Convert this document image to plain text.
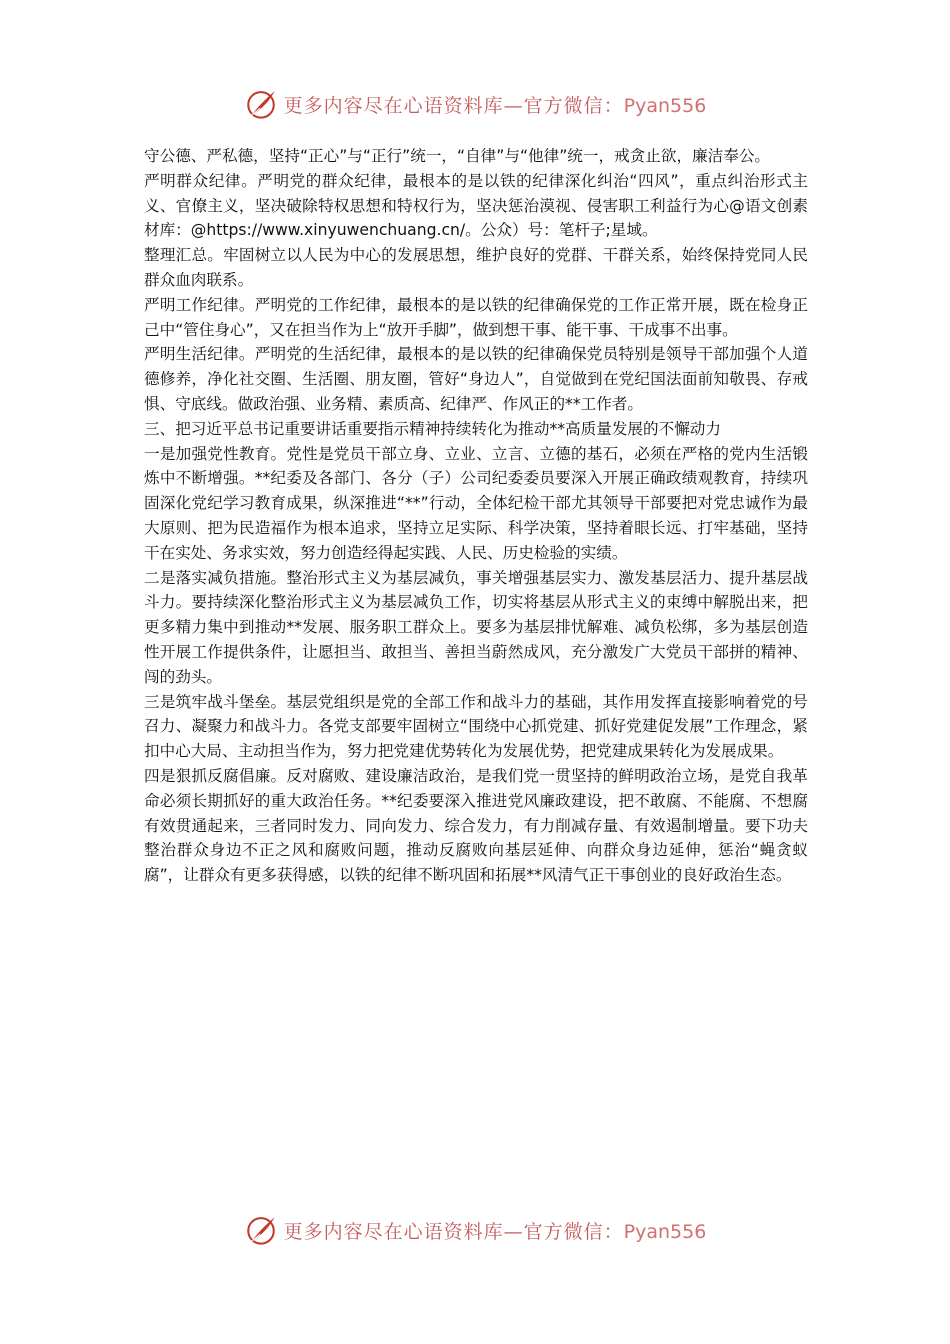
更多内容尽在心语资料库—官方微信：Pyan556

守公德、严私德，坚持“正心”与“正行”统一，“自律”与“他律”统一，戒贪止欲，廉洁奉公。

严明群众纪律。严明党的群众纪律，最根本的是以铁的纪律深化纠治“四风”，重点纠治形式主义、官僚主义，坚决破除特权思想和特权行为，坚决惩治漠视、侵害职工利益行为心@语文创素材库：@https://www.xinyuwenchuang.cn/。公众）号：笔杆子;星域。

整理汇总。牢固树立以人民为中心的发展思想，维护良好的党群、干群关系，始终保持党同人民群众血肉联系。

严明工作纪律。严明党的工作纪律，最根本的是以铁的纪律确保党的工作正常开展，既在检身正己中“管住身心”，又在担当作为上“放开手脚”，做到想干事、能干事、干成事不出事。

严明生活纪律。严明党的生活纪律，最根本的是以铁的纪律确保党员特别是领导干部加强个人道德修养，净化社交圈、生活圈、朋友圈，管好“身边人”，自觉做到在党纪国法面前知敬畏、存戒惧、守底线。做政治强、业务精、素质高、纪律严、作风正的**工作者。

三、把习近平总书记重要讲话重要指示精神持续转化为推动**高质量发展的不懈动力

一是加强党性教育。党性是党员干部立身、立业、立言、立德的基石，必须在严格的党内生活锻炼中不断增强。**纪委及各部门、各分（子）公司纪委委员要深入开展正确政绩观教育，持续巩固深化党纪学习教育成果，纵深推进“**”行动，全体纪检干部尤其领导干部要把对党忠诚作为最大原则、把为民造福作为根本追求，坚持立足实际、科学决策，坚持着眼长远、打牢基础，坚持干在实处、务求实效，努力创造经得起实践、人民、历史检验的实绩。

二是落实减负措施。整治形式主义为基层减负，事关增强基层实力、激发基层活力、提升基层战斗力。要持续深化整治形式主义为基层减负工作，切实将基层从形式主义的束缚中解脱出来，把更多精力集中到推动**发展、服务职工群众上。要多为基层排忧解难、减负松绑，多为基层创造性开展工作提供条件，让愿担当、敢担当、善担当蔚然成风，充分激发广大党员干部拼的精神、闯的劲头。

三是筑牢战斗堡垒。基层党组织是党的全部工作和战斗力的基础，其作用发挥直接影响着党的号召力、凝聚力和战斗力。各党支部要牢固树立“围绕中心抓党建、抓好党建促发展”工作理念，紧扣中心大局、主动担当作为，努力把党建优势转化为发展优势，把党建成果转化为发展成果。

四是狠抓反腐倡廉。反对腐败、建设廉洁政治，是我们党一贯坚持的鲜明政治立场，是党自我革命必须长期抓好的重大政治任务。**纪委要深入推进党风廉政建设，把不敢腐、不能腐、不想腐有效贯通起来，三者同时发力、同向发力、综合发力，有力削减存量、有效遏制增量。要下功夫整治群众身边不正之风和腐败问题，推动反腐败向基层延伸、向群众身边延伸，惩治“蝇贪蚁腐”，让群众有更多获得感，以铁的纪律不断巩固和拓展**风清气正干事创业的良好政治生态。

更多内容尽在心语资料库—官方微信：Pyan556
